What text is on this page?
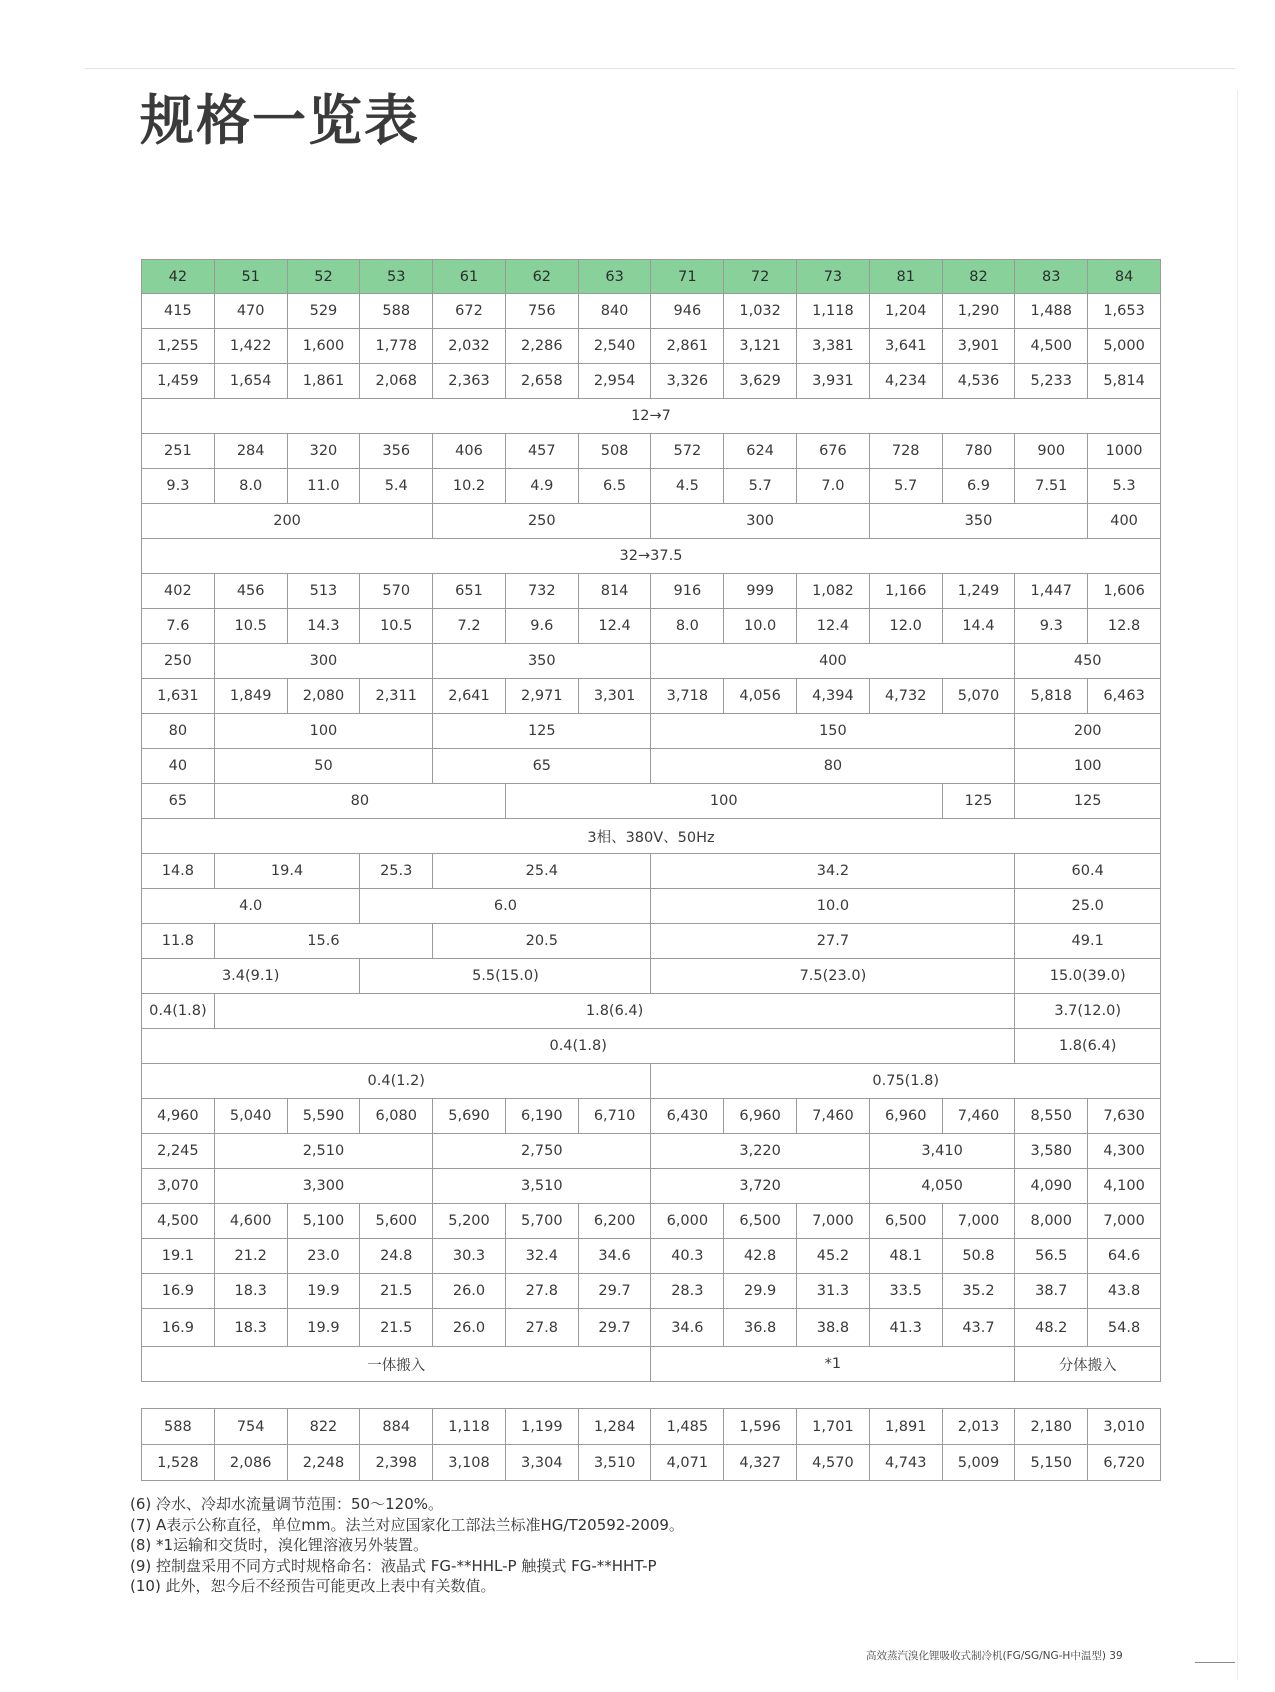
规格一览表
42	51	52	53	61	62	63	71	72	73	81	82	83	84
415	470	529	588	672	756	840	946	1,032	1,118	1,204	1,290	1,488	1,653
1,255	1,422	1,600	1,778	2,032	2,286	2,540	2,861	3,121	3,381	3,641	3,901	4,500	5,000
1,459	1,654	1,861	2,068	2,363	2,658	2,954	3,326	3,629	3,931	4,234	4,536	5,233	5,814
12→7													
251	284	320	356	406	457	508	572	624	676	728	780	900	1000
9.3	8.0	11.0	5.4	10.2	4.9	6.5	4.5	5.7	7.0	5.7	6.9	7.51	5.3
200				250			300			350			400
32→37.5													
402	456	513	570	651	732	814	916	999	1,082	1,166	1,249	1,447	1,606
7.6	10.5	14.3	10.5	7.2	9.6	12.4	8.0	10.0	12.4	12.0	14.4	9.3	12.8
250	300			350			400					450	
1,631	1,849	2,080	2,311	2,641	2,971	3,301	3,718	4,056	4,394	4,732	5,070	5,818	6,463
80	100			125			150					200	
40	50			65			80					100	
65	80				100						125	125	
3相、380V、50Hz													
14.8	19.4		25.3	25.4			34.2					60.4	
4.0			6.0				10.0					25.0	
11.8	15.6			20.5			27.7					49.1	
3.4(9.1)			5.5(15.0)				7.5(23.0)					15.0(39.0)	
0.4(1.8)	1.8(6.4)											3.7(12.0)	
0.4(1.8)												1.8(6.4)	
0.4(1.2)							0.75(1.8)						
4,960	5,040	5,590	6,080	5,690	6,190	6,710	6,430	6,960	7,460	6,960	7,460	8,550	7,630
2,245	2,510			2,750			3,220			3,410		3,580	4,300
3,070	3,300			3,510			3,720			4,050		4,090	4,100
4,500	4,600	5,100	5,600	5,200	5,700	6,200	6,000	6,500	7,000	6,500	7,000	8,000	7,000
19.1	21.2	23.0	24.8	30.3	32.4	34.6	40.3	42.8	45.2	48.1	50.8	56.5	64.6
16.9	18.3	19.9	21.5	26.0	27.8	29.7	28.3	29.9	31.3	33.5	35.2	38.7	43.8
16.9	18.3	19.9	21.5	26.0	27.8	29.7	34.6	36.8	38.8	41.3	43.7	48.2	54.8
一体搬入							*1					分体搬入	
588	754	822	884	1,118	1,199	1,284	1,485	1,596	1,701	1,891	2,013	2,180	3,010
1,528	2,086	2,248	2,398	3,108	3,304	3,510	4,071	4,327	4,570	4,743	5,009	5,150	6,720
(6) 冷水、冷却水流量调节范围：50～120%。
(7) A表示公称直径，单位mm。法兰对应国家化工部法兰标准HG/T20592-2009。
(8) *1运输和交货时，溴化锂溶液另外装置。
(9) 控制盘采用不同方式时规格命名：液晶式 FG-**HHL-P 触摸式 FG-**HHT-P
(10) 此外，恕今后不经预告可能更改上表中有关数值。
高效蒸汽溴化锂吸收式制冷机(FG/SG/NG-H中温型) 39
